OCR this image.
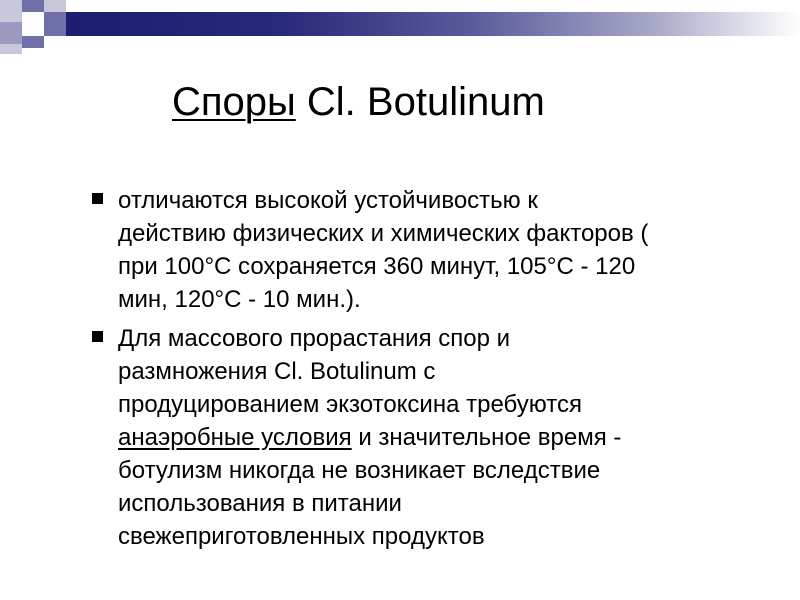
Споры Cl. Botulinum
отличаются высокой устойчивостью к
действию физических и химических факторов (
при 100°С сохраняется 360 минут, 105°С - 120
мин, 120°С - 10 мин.).
Для массового прорастания спор и
размножения Cl. Botulinum с
продуцированием экзотоксина требуются
анаэробные условия и значительное время -
ботулизм никогда не возникает вследствие
использования в питании
свежеприготовленных продуктов
